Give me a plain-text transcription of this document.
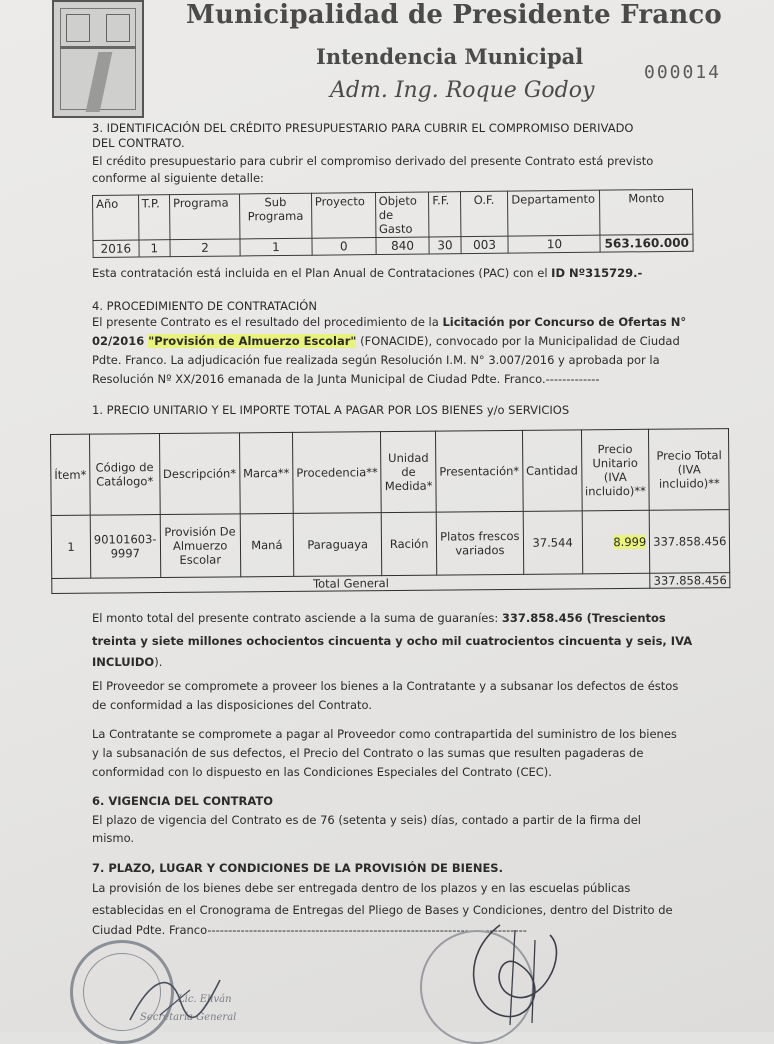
Municipalidad de Presidente Franco
Intendencia Municipal
Adm. Ing. Roque Godoy
000014
3. IDENTIFICACIÓN DEL CRÉDITO PRESUPUESTARIO PARA CUBRIR EL COMPROMISO DERIVADO
DEL CONTRATO.
El crédito presupuestario para cubrir el compromiso derivado del presente Contrato está previsto
conforme al siguiente detalle:
Año	T.P.	Programa	Sub Programa	Proyecto	Objeto de Gasto	F.F.	O.F.	Departamento	Monto
2016	1	2	1	0	840	30	003	10	563.160.000
Esta contratación está incluida en el Plan Anual de Contrataciones (PAC) con el ID Nº315729.-
4. PROCEDIMIENTO DE CONTRATACIÓN
El presente Contrato es el resultado del procedimiento de la Licitación por Concurso de Ofertas N°
02/2016 "Provisión de Almuerzo Escolar" (FONACIDE), convocado por la Municipalidad de Ciudad
Pdte. Franco. La adjudicación fue realizada según Resolución I.M. N° 3.007/2016 y aprobada por la
Resolución Nº XX/2016 emanada de la Junta Municipal de Ciudad Pdte. Franco.-------------
1. PRECIO UNITARIO Y EL IMPORTE TOTAL A PAGAR POR LOS BIENES y/o SERVICIOS
Ítem*	Código de Catálogo*	Descripción*	Marca**	Procedencia**	Unidad de Medida*	Presentación*	Cantidad	Precio Unitario (IVA incluido)**	Precio Total (IVA incluido)**
1	90101603-9997	Provisión De Almuerzo Escolar	Maná	Paraguaya	Ración	Platos frescos variados	37.544	8.999	337.858.456
Total General									337.858.456
El monto total del presente contrato asciende a la suma de guaraníes: 337.858.456 (Trescientos
treinta y siete millones ochocientos cincuenta y ocho mil cuatrocientos cincuenta y seis, IVA
INCLUIDO).
El Proveedor se compromete a proveer los bienes a la Contratante y a subsanar los defectos de éstos
de conformidad a las disposiciones del Contrato.
La Contratante se compromete a pagar al Proveedor como contrapartida del suministro de los bienes
y la subsanación de sus defectos, el Precio del Contrato o las sumas que resulten pagaderas de
conformidad con lo dispuesto en las Condiciones Especiales del Contrato (CEC).
6. VIGENCIA DEL CONTRATO
El plazo de vigencia del Contrato es de 76 (setenta y seis) días, contado a partir de la firma del
mismo.
7. PLAZO, LUGAR Y CONDICIONES DE LA PROVISIÓN DE BIENES.
La provisión de los bienes debe ser entregada dentro de los plazos y en las escuelas públicas
establecidas en el Cronograma de Entregas del Pliego de Bases y Condiciones, dentro del Distrito de
Ciudad Pdte. Franco-----------------------------------------------------------------------------
Lic. Eliván
Secretaría General
